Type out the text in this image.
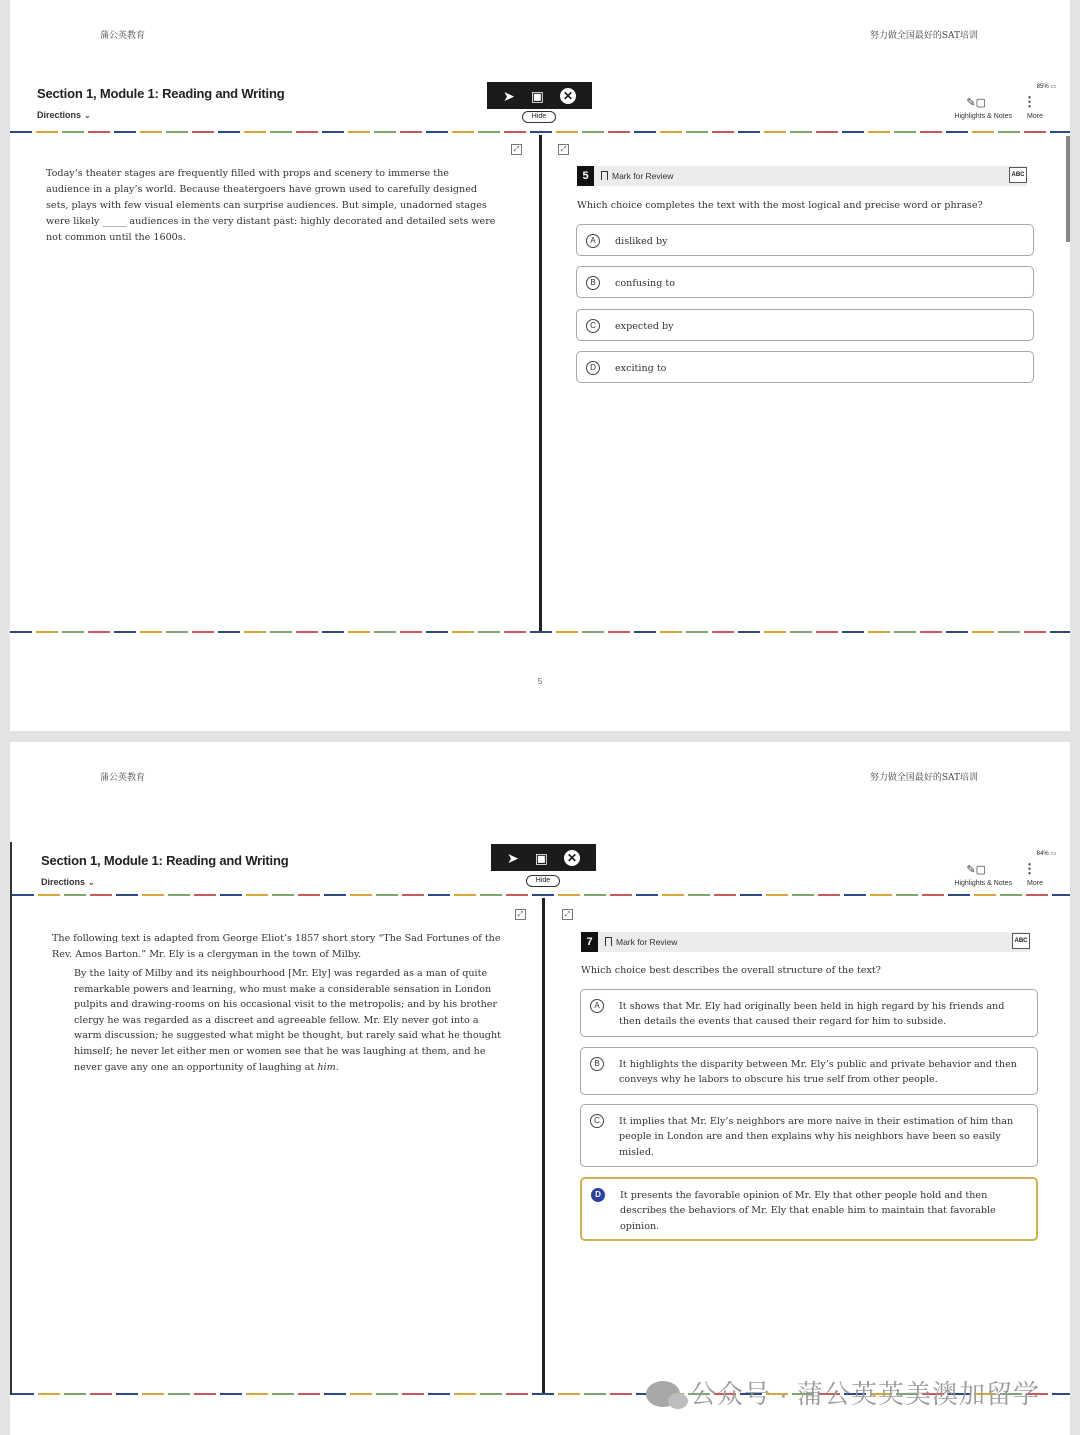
蒲公英教育	努力做全国最好的SAT培训
Section 1, Module 1: Reading and Writing
Directions ⌄
➤ ▣ ✕
Hide
85% ▭
✎▢
Highlights & Notes
⋮
More
⤢	⤢
Today’s theater stages are frequently filled with props and scenery to immerse the audience in a play’s world. Because theatergoers have grown used to carefully designed sets, plays with few visual elements can surprise audiences. But simple, unadorned stages were likely _____ audiences in the very distant past: highly decorated and detailed sets were not common until the 1600s.
5	Mark for Review	ABC
Which choice completes the text with the most logical and precise word or phrase?
A	disliked by
B	confusing to
C	expected by
D	exciting to
5
蒲公英教育	努力做全国最好的SAT培训
Section 1, Module 1: Reading and Writing
Directions ⌄
➤ ▣ ✕
Hide
84% ▭
✎▢
Highlights & Notes
⋮
More
⤢	⤢
The following text is adapted from George Eliot’s 1857 short story “The Sad Fortunes of the Rev. Amos Barton.” Mr. Ely is a clergyman in the town of Milby.
By the laity of Milby and its neighbourhood [Mr. Ely] was regarded as a man of quite remarkable powers and learning, who must make a considerable sensation in London pulpits and drawing-rooms on his occasional visit to the metropolis; and by his brother clergy he was regarded as a discreet and agreeable fellow. Mr. Ely never got into a warm discussion; he suggested what might be thought, but rarely said what he thought himself; he never let either men or women see that he was laughing at them, and he never gave any one an opportunity of laughing at him.
7	Mark for Review	ABC
Which choice best describes the overall structure of the text?
A	It shows that Mr. Ely had originally been held in high regard by his friends and then details the events that caused their regard for him to subside.
B	It highlights the disparity between Mr. Ely’s public and private behavior and then conveys why he labors to obscure his true self from other people.
C	It implies that Mr. Ely’s neighbors are more naive in their estimation of him than people in London are and then explains why his neighbors have been so easily misled.
D	It presents the favorable opinion of Mr. Ely that other people hold and then describes the behaviors of Mr. Ely that enable him to maintain that favorable opinion.
公众号 · 蒲公英英美澳加留学
